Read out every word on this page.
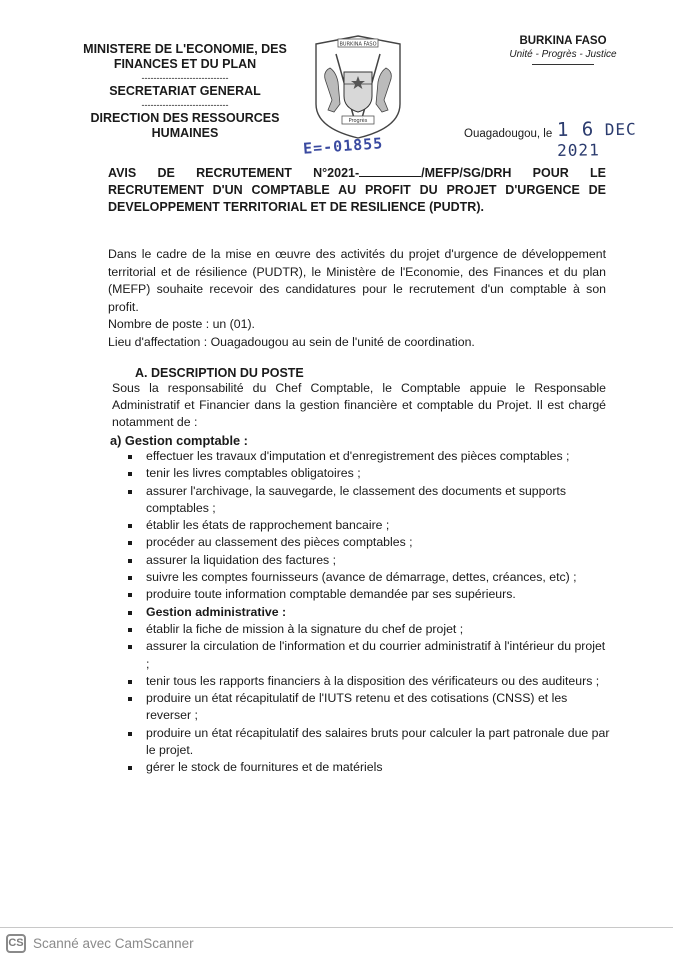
MINISTERE DE L'ECONOMIE, DES
FINANCES ET DU PLAN
-----------------------------
SECRETARIAT GENERAL
-----------------------------
DIRECTION DES RESSOURCES
HUMAINES
BURKINA FASO
Progrès
BURKINA FASO
Unité - Progrès - Justice
Ouagadougou, le 1 6 DEC 2021
E=-01855
AVIS DE RECRUTEMENT N°2021-	/MEFP/SG/DRH POUR LE RECRUTEMENT D'UN COMPTABLE AU PROFIT DU PROJET D'URGENCE DE DEVELOPPEMENT TERRITORIAL ET DE RESILIENCE (PUDTR).

Dans le cadre de la mise en œuvre des activités du projet d'urgence de développement territorial et de résilience (PUDTR), le Ministère de l'Economie, des Finances et du plan (MEFP) souhaite recevoir des candidatures pour le recrutement d'un comptable à son profit.

Nombre de poste : un (01).

Lieu d'affectation : Ouagadougou au sein de l'unité de coordination.

A. DESCRIPTION DU POSTE
Sous la responsabilité du Chef Comptable, le Comptable appuie le Responsable Administratif et Financier dans la gestion financière et comptable du Projet. Il est chargé notamment de :
a) Gestion comptable :
effectuer les travaux d'imputation et d'enregistrement des pièces comptables ;
tenir les livres comptables obligatoires ;
assurer l'archivage, la sauvegarde, le classement des documents et supports comptables ;
établir les états de rapprochement bancaire ;
procéder au classement des pièces comptables ;
assurer la liquidation des factures ;
suivre les comptes fournisseurs (avance de démarrage, dettes, créances, etc) ;
produire toute information comptable demandée par ses supérieurs.
Gestion administrative :
établir la fiche de mission à la signature du chef de projet ;
assurer la circulation de l'information et du courrier administratif à l'intérieur du projet ;
tenir tous les rapports financiers à la disposition des vérificateurs ou des auditeurs ;
produire un état récapitulatif de l'IUTS retenu et des cotisations (CNSS) et les reverser ;
produire un état récapitulatif des salaires bruts pour calculer la part patronale due par le projet.
gérer le stock de fournitures et de matériels
CS Scanné avec CamScanner
